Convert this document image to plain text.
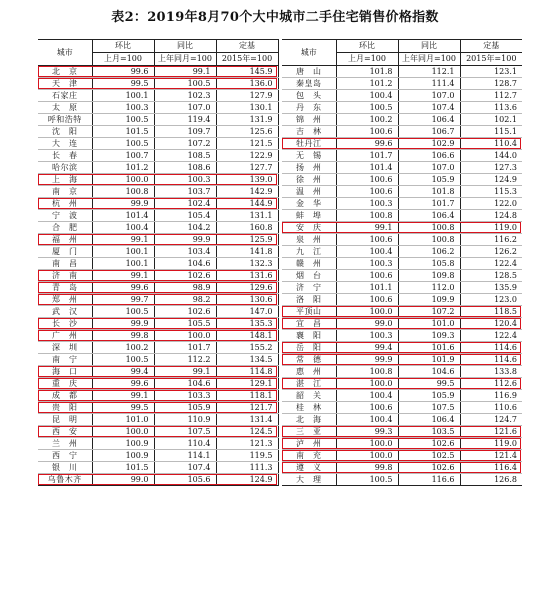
表2：2019年8月70个大中城市二手住宅销售价格指数
城市	环比	同比	定基		城市	环比	同比	定基
	上月=100	上年同月=100	2015年=100			上月=100	上年同月=100	2015年=100
北　京	99.6	99.1	145.9		唐　山	101.8	112.1	123.1
天　津	99.5	100.5	136.0		秦皇岛	101.2	111.4	128.7
石家庄	100.1	102.3	127.9		包　头	100.4	107.0	112.7
太　原	100.3	107.0	130.1		丹　东	100.5	107.4	113.6
呼和浩特	100.5	119.4	131.9		锦　州	100.2	106.4	102.1
沈　阳	101.5	109.7	125.6		吉　林	100.6	106.7	115.1
大　连	100.5	107.2	121.5		牡丹江	99.6	102.9	110.4
长　春	100.7	108.5	122.9		无　锡	101.7	106.6	144.0
哈尔滨	101.2	108.6	127.7		扬　州	101.4	107.0	127.3
上　海	100.0	100.3	139.0		徐　州	100.6	105.9	124.9
南　京	100.8	103.7	142.9		温　州	100.6	101.8	115.3
杭　州	99.9	102.4	144.9		金　华	100.3	101.7	122.0
宁　波	101.4	105.4	131.1		蚌　埠	100.8	106.4	124.8
合　肥	100.4	104.2	160.8		安　庆	99.1	100.8	119.0
福　州	99.1	99.9	125.9		泉　州	100.6	100.8	116.2
厦　门	100.1	103.4	141.8		九　江	100.4	106.2	126.2
南　昌	100.1	104.6	132.3		赣　州	100.3	105.8	122.4
济　南	99.1	102.6	131.6		烟　台	100.6	109.8	128.5
青　岛	99.6	98.9	129.6		济　宁	101.1	112.0	135.9
郑　州	99.7	98.2	130.6		洛　阳	100.6	109.9	123.0
武　汉	100.5	102.6	147.0		平顶山	100.0	107.2	118.5
长　沙	99.9	105.5	135.3		宜　昌	99.0	101.0	120.4
广　州	99.8	100.0	148.1		襄　阳	100.3	109.3	122.4
深　圳	100.2	101.7	155.2		岳　阳	99.4	101.6	114.6
南　宁	100.5	112.2	134.5		常　德	99.9	101.9	114.6
海　口	99.4	99.1	114.8		惠　州	100.8	104.6	133.8
重　庆	99.6	104.6	129.1		湛　江	100.0	99.5	112.6
成　都	99.1	103.3	118.1		韶　关	100.4	105.9	116.9
贵　阳	99.5	105.9	121.7		桂　林	100.6	107.5	110.6
昆　明	101.0	110.9	131.4		北　海	100.4	106.4	124.7
西　安	100.0	107.5	124.5		三　亚	99.3	103.5	121.6
兰　州	100.9	110.4	121.3		泸　州	100.0	102.6	119.0
西　宁	100.9	114.1	119.5		南　充	100.0	102.5	121.4
银　川	101.5	107.4	111.3		遵　义	99.8	102.6	116.4
乌鲁木齐	99.0	105.6	124.9		大　理	100.5	116.6	126.8
